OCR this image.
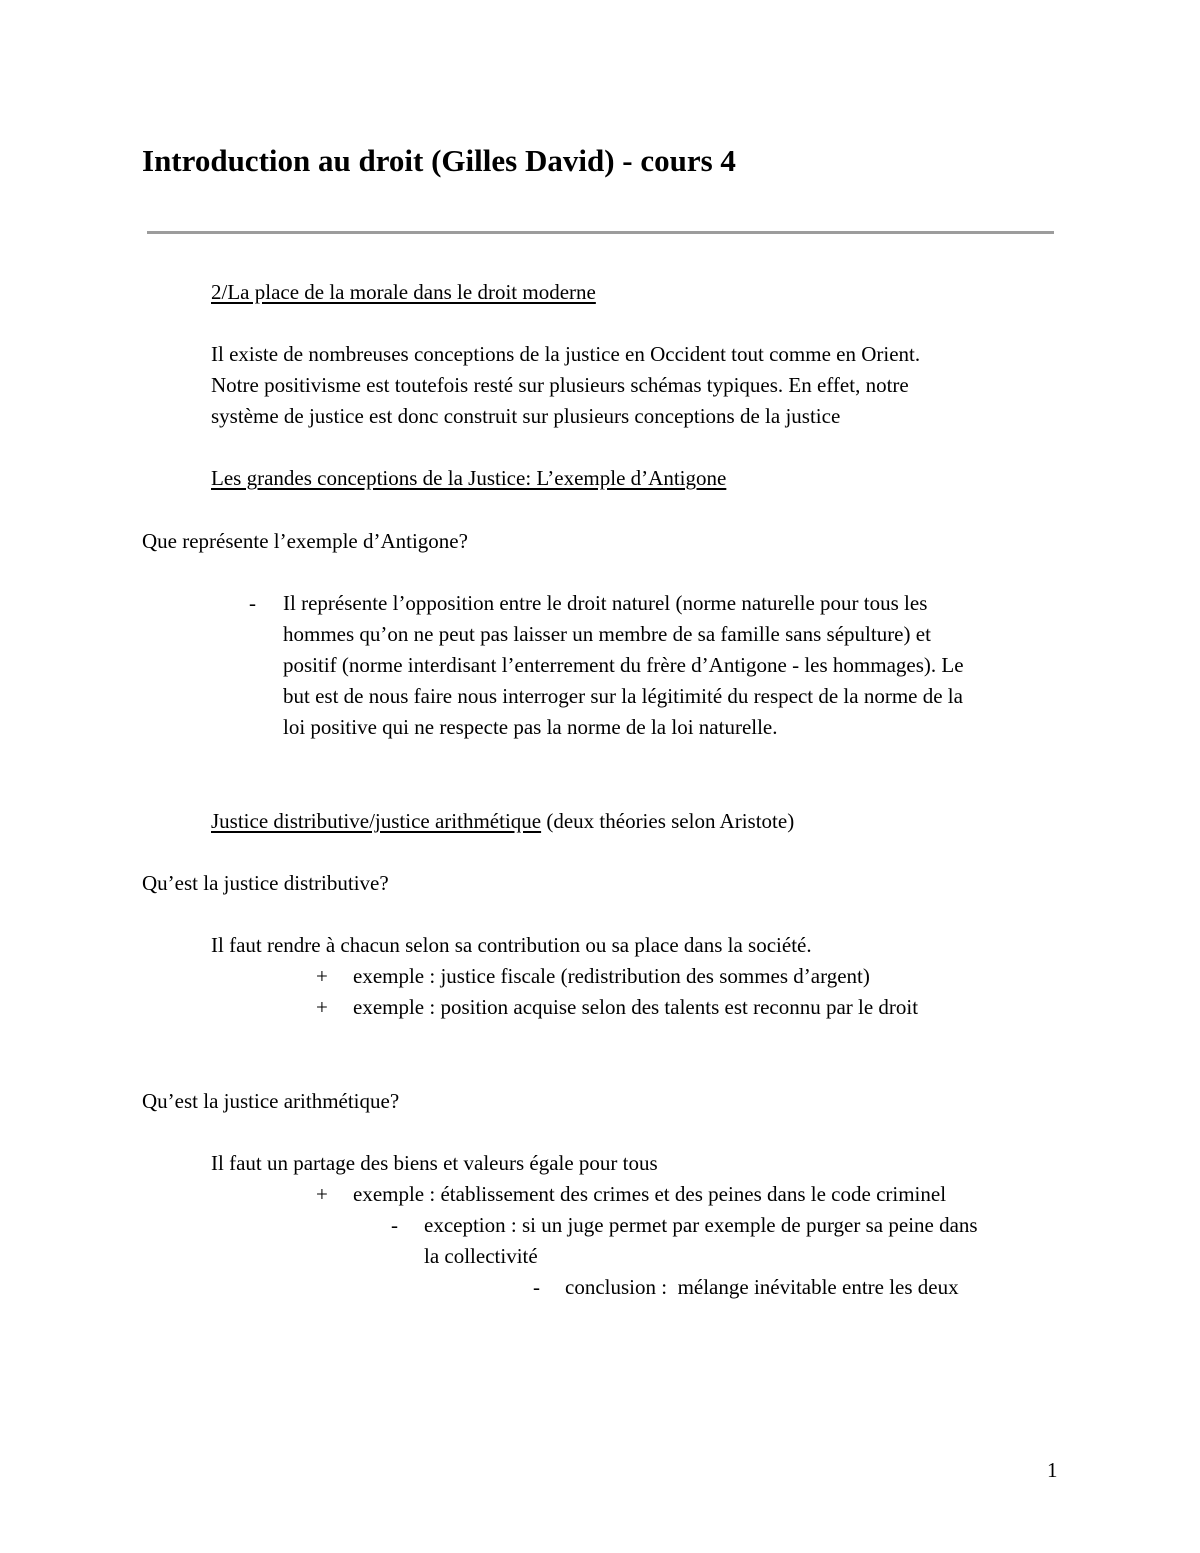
Introduction au droit (Gilles David) - cours 4
2/La place de la morale dans le droit moderne
Il existe de nombreuses conceptions de la justice en Occident tout comme en Orient.
Notre positivisme est toutefois resté sur plusieurs schémas typiques. En effet, notre
système de justice est donc construit sur plusieurs conceptions de la justice
Les grandes conceptions de la Justice: L’exemple d’Antigone
Que représente l’exemple d’Antigone?
- Il représente l’opposition entre le droit naturel (norme naturelle pour tous les
hommes qu’on ne peut pas laisser un membre de sa famille sans sépulture) et
positif (norme interdisant l’enterrement du frère d’Antigone - les hommages). Le
but est de nous faire nous interroger sur la légitimité du respect de la norme de la
loi positive qui ne respecte pas la norme de la loi naturelle.
Justice distributive/justice arithmétique (deux théories selon Aristote)
Qu’est la justice distributive?
Il faut rendre à chacun selon sa contribution ou sa place dans la société.
+ exemple : justice fiscale (redistribution des sommes d’argent)
+ exemple : position acquise selon des talents est reconnu par le droit
Qu’est la justice arithmétique?
Il faut un partage des biens et valeurs égale pour tous
+ exemple : établissement des crimes et des peines dans le code criminel
- exception : si un juge permet par exemple de purger sa peine dans
la collectivité
- conclusion :  mélange inévitable entre les deux
1
